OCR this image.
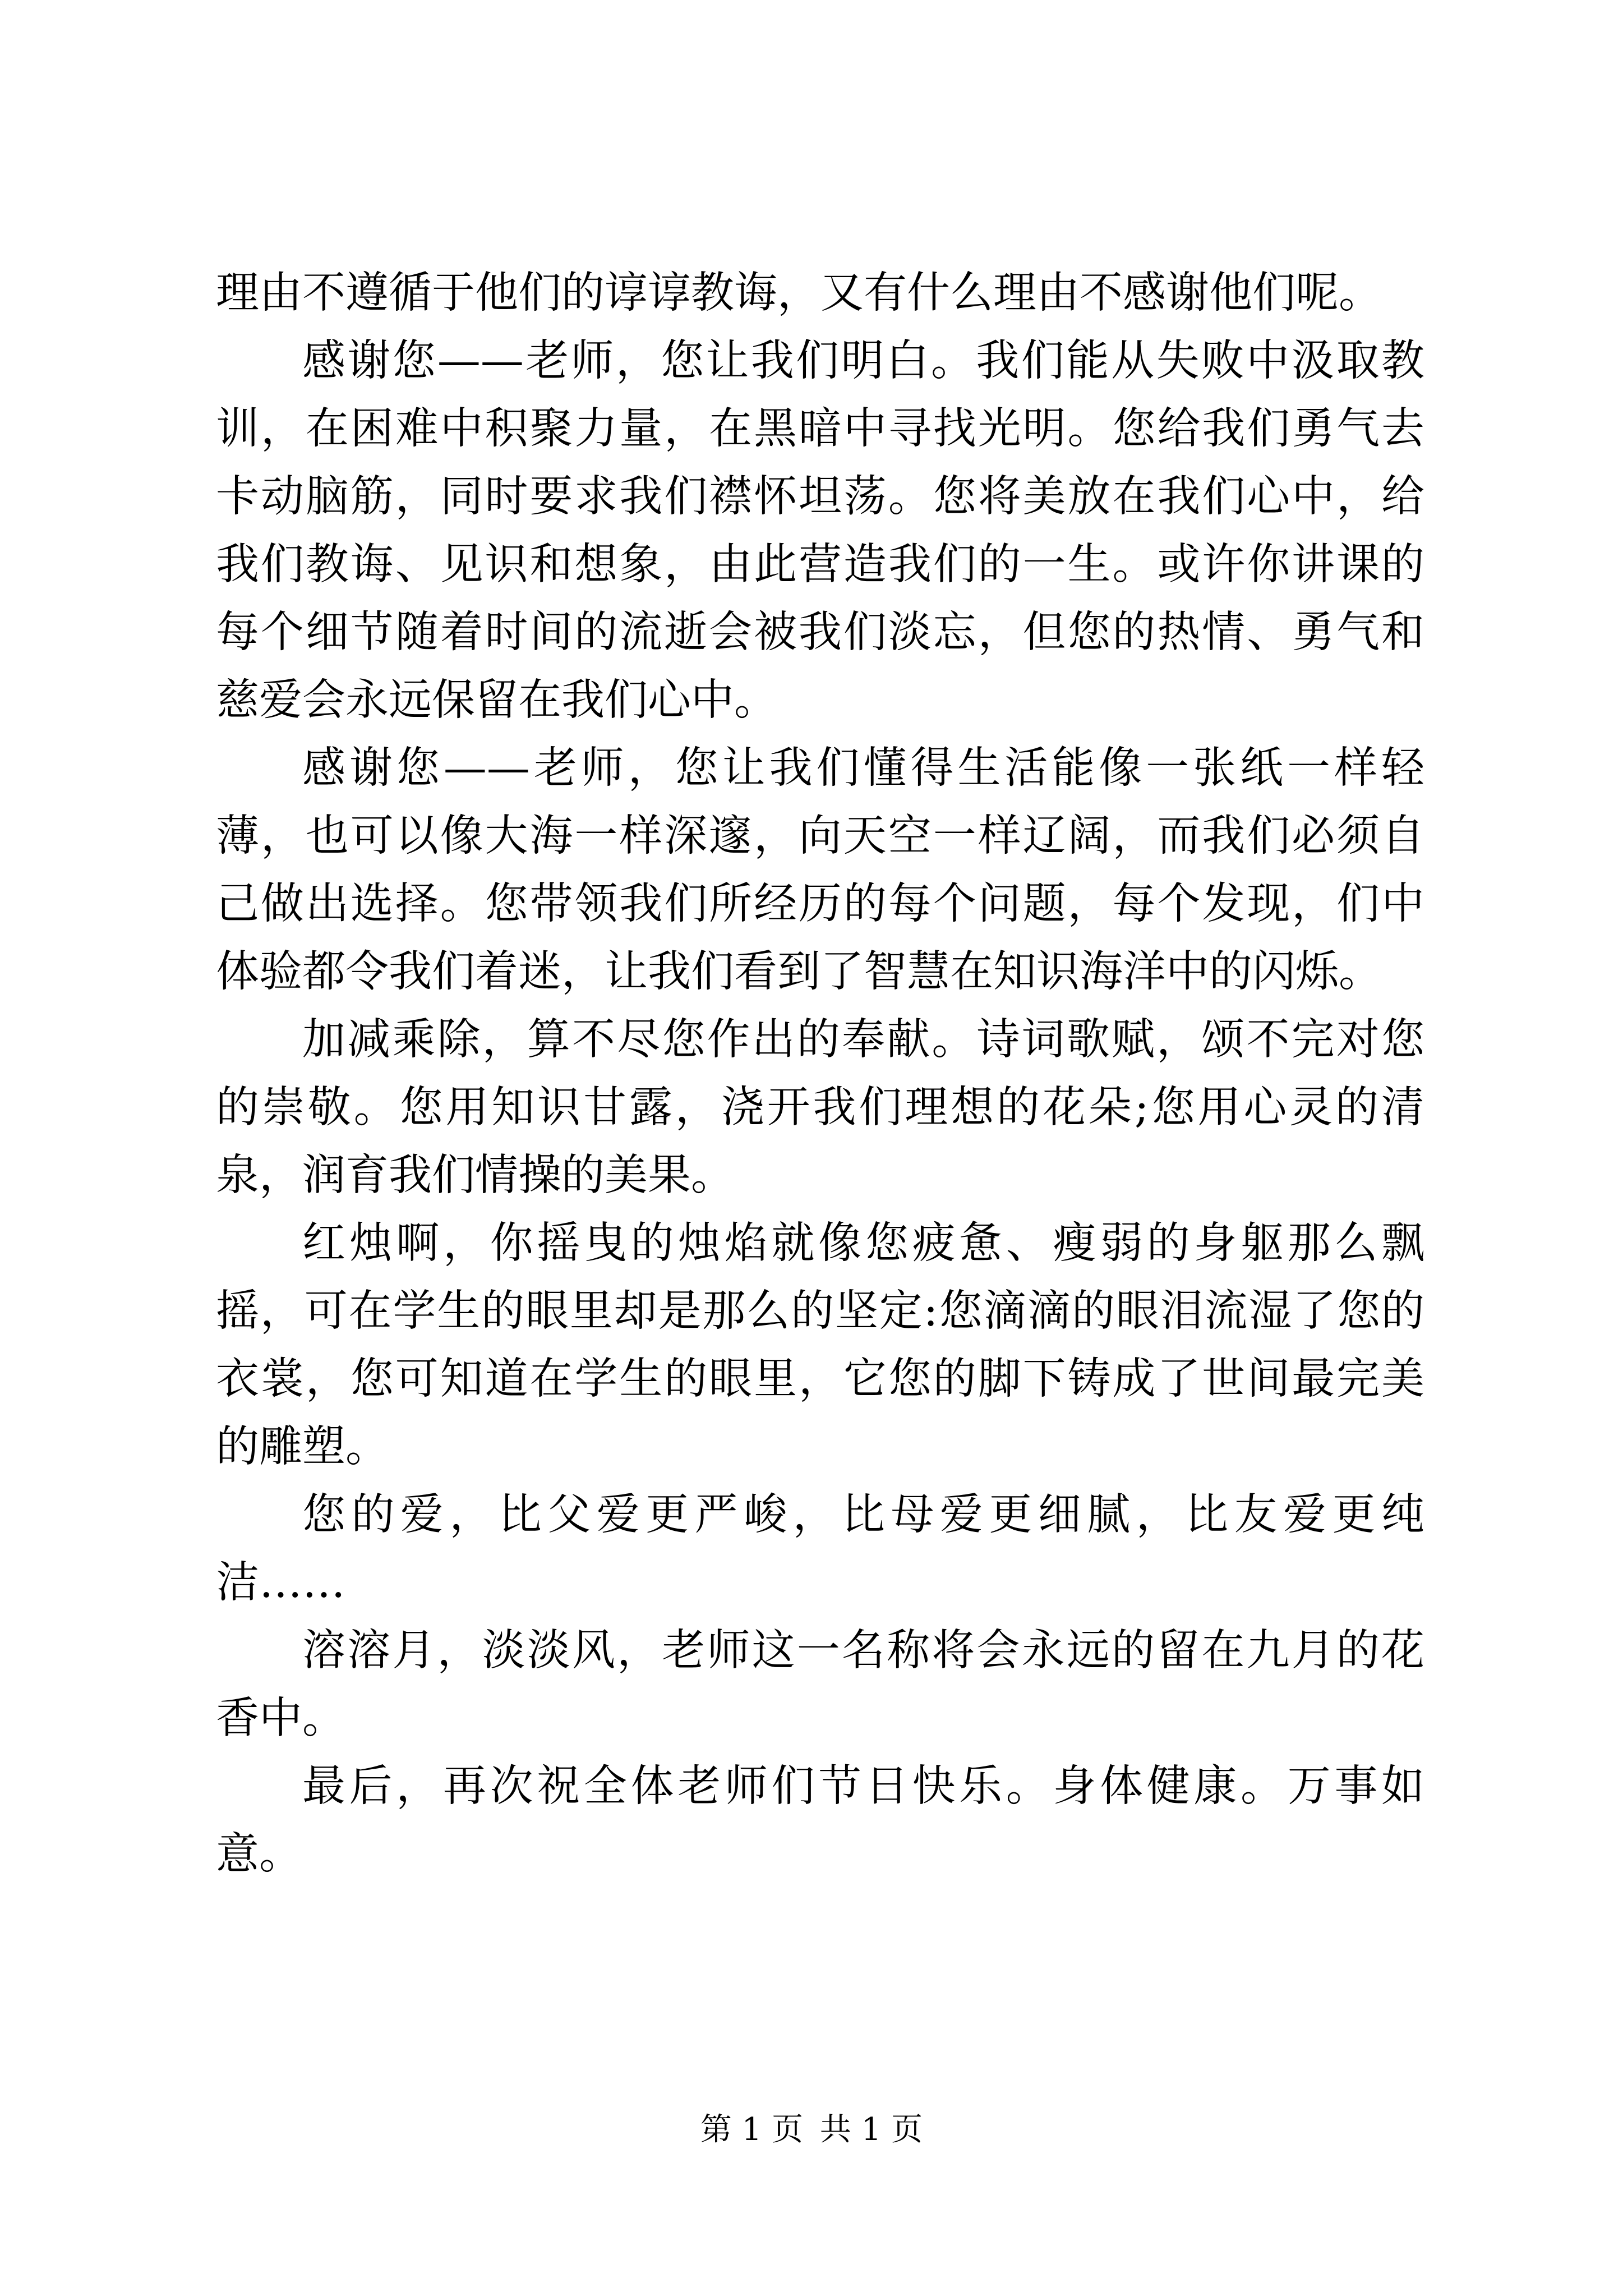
理由不遵循于他们的谆谆教诲，又有什么理由不感谢他们呢。

感谢您——老师，您让我们明白。我们能从失败中汲取教训，在困难中积聚力量，在黑暗中寻找光明。您给我们勇气去卡动脑筋，同时要求我们襟怀坦荡。您将美放在我们心中，给我们教诲、见识和想象，由此营造我们的一生。或许你讲课的每个细节随着时间的流逝会被我们淡忘，但您的热情、勇气和慈爱会永远保留在我们心中。

感谢您——老师，您让我们懂得生活能像一张纸一样轻薄，也可以像大海一样深邃，向天空一样辽阔，而我们必须自己做出选择。您带领我们所经历的每个问题，每个发现，们中体验都令我们着迷，让我们看到了智慧在知识海洋中的闪烁。

加减乘除，算不尽您作出的奉献。诗词歌赋，颂不完对您的崇敬。您用知识甘露，浇开我们理想的花朵;您用心灵的清泉，润育我们情操的美果。

红烛啊，你摇曳的烛焰就像您疲惫、瘦弱的身躯那么飘摇，可在学生的眼里却是那么的坚定:您滴滴的眼泪流湿了您的衣裳，您可知道在学生的眼里，它您的脚下铸成了世间最完美的雕塑。

您的爱，比父爱更严峻，比母爱更细腻，比友爱更纯洁……

溶溶月，淡淡风，老师这一名称将会永远的留在九月的花香中。

最后，再次祝全体老师们节日快乐。身体健康。万事如意。

第 1 页 共 1 页
